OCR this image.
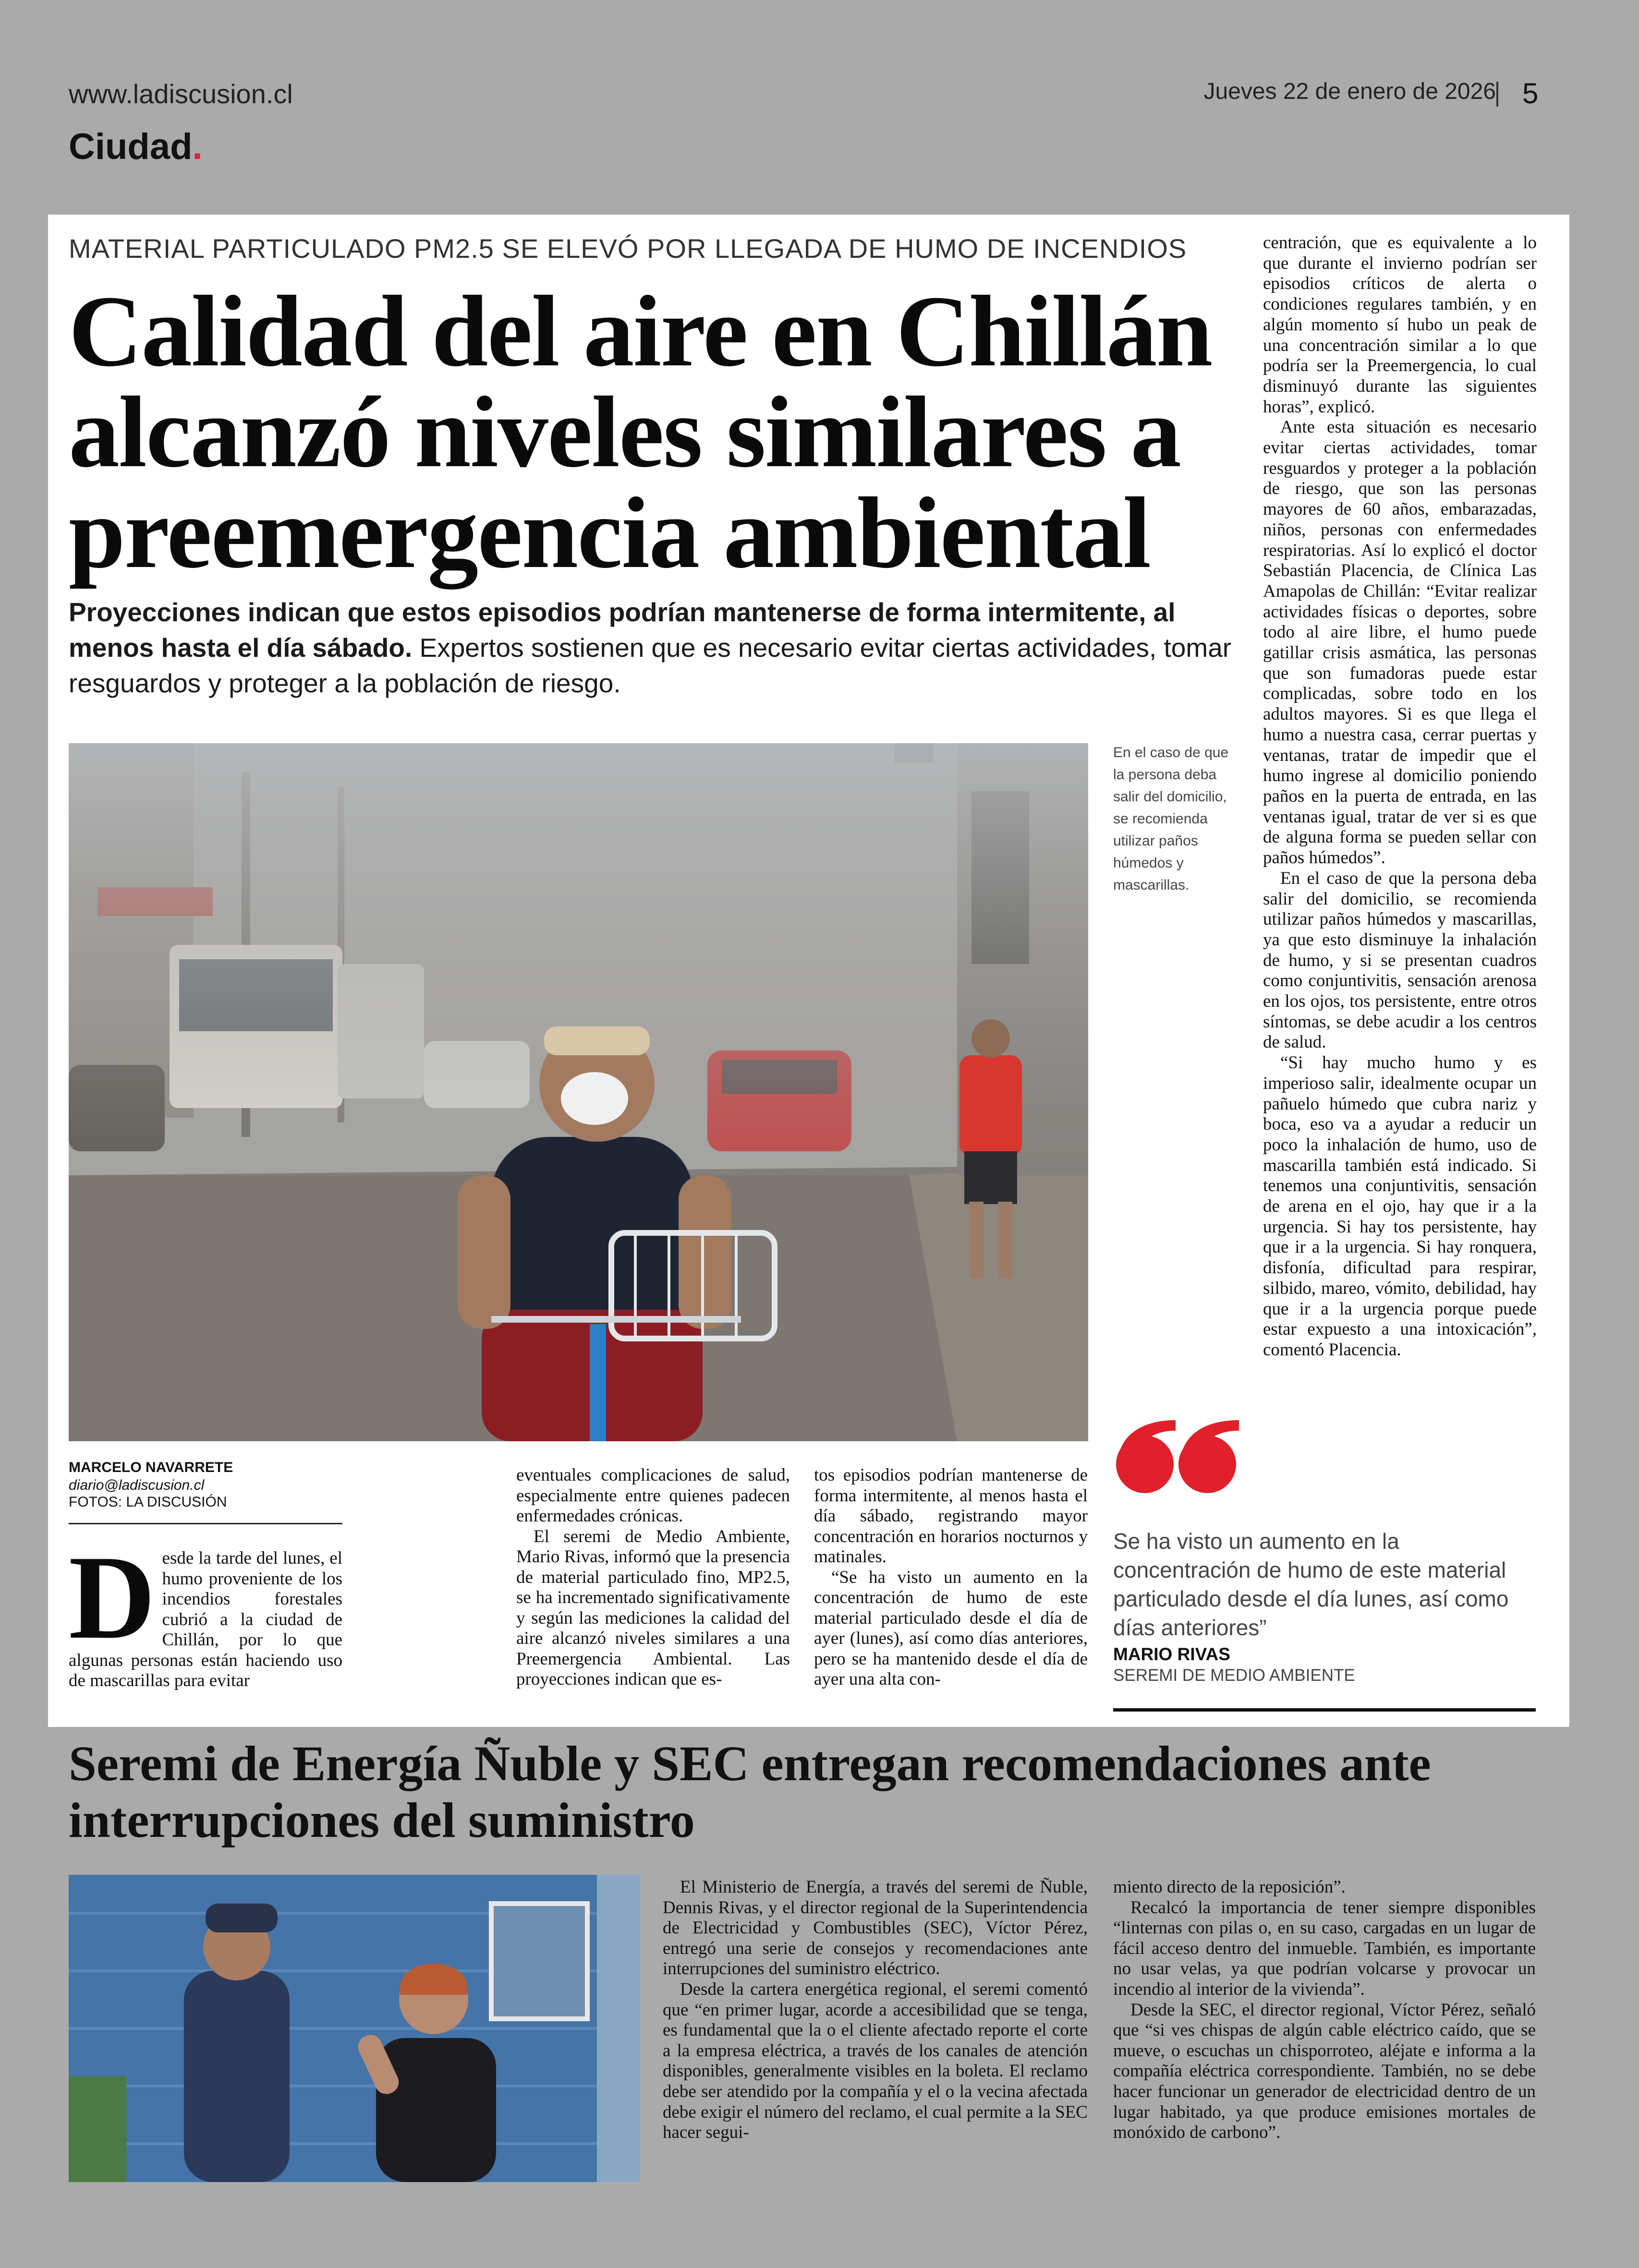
www.ladiscusion.cl	Jueves 22 de enero de 2026 5
Ciudad.
MATERIAL PARTICULADO PM2.5 SE ELEVÓ POR LLEGADA DE HUMO DE INCENDIOS
Calidad del aire en Chillán alcanzó niveles similares a preemergencia ambiental
Proyecciones indican que estos episodios podrían mantenerse de forma intermitente, al menos hasta el día sábado. Expertos sostienen que es necesario evitar ciertas actividades, tomar resguardos y proteger a la población de riesgo.
En el caso de que la persona deba salir del domicilio, se recomienda utilizar paños húmedos y mascarillas.

centración, que es equivalente a lo que durante el invierno podrían ser episodios críticos de alerta o condiciones regulares también, y en algún momento sí hubo un peak de una concentración similar a lo que podría ser la Preemergencia, lo cual disminuyó durante las siguientes horas”, explicó.

Ante esta situación es necesario evitar ciertas actividades, tomar resguardos y proteger a la población de riesgo, que son las personas mayores de 60 años, embarazadas, niños, personas con enfermedades respiratorias. Así lo explicó el doctor Sebastián Placencia, de Clínica Las Amapolas de Chillán: “Evitar realizar actividades físicas o deportes, sobre todo al aire libre, el humo puede gatillar crisis asmática, las personas que son fumadoras puede estar complicadas, sobre todo en los adultos mayores. Si es que llega el humo a nuestra casa, cerrar puertas y ventanas, tratar de impedir que el humo ingrese al domicilio poniendo paños en la puerta de entrada, en las ventanas igual, tratar de ver si es que de alguna forma se pueden sellar con paños húmedos”.

En el caso de que la persona deba salir del domicilio, se recomienda utilizar paños húmedos y mascarillas, ya que esto disminuye la inhalación de humo, y si se presentan cuadros como conjuntivitis, sensación arenosa en los ojos, tos persistente, entre otros síntomas, se debe acudir a los centros de salud.

“Si hay mucho humo y es imperioso salir, idealmente ocupar un pañuelo húmedo que cubra nariz y boca, eso va a ayudar a reducir un poco la inhalación de humo, uso de mascarilla también está indicado. Si tenemos una conjuntivitis, sensación de arena en el ojo, hay que ir a la urgencia. Si hay tos persistente, hay que ir a la urgencia. Si hay ronquera, disfonía, dificultad para respirar, silbido, mareo, vómito, debilidad, hay que ir a la urgencia porque puede estar expuesto a una intoxicación”, comentó Placencia.

Se ha visto un aumento en la concentración de humo de este material particulado desde el día lunes, así como días anteriores”
MARIO RIVAS
SEREMI DE MEDIO AMBIENTE
MARCELO NAVARRETE
diario@ladiscusion.cl
FOTOS: LA DISCUSIÓN
D esde la tarde del lunes, el humo proveniente de los incendios forestales cubrió a la ciudad de Chillán, por lo que algunas personas están haciendo uso de mascarillas para evitar

eventuales complicaciones de salud, especialmente entre quienes padecen enfermedades crónicas.

El seremi de Medio Ambiente, Mario Rivas, informó que la presencia de material particulado fino, MP2.5, se ha incrementado significativamente y según las mediciones la calidad del aire alcanzó niveles similares a una Preemergencia Ambiental. Las proyecciones indican que es-

tos episodios podrían mantenerse de forma intermitente, al menos hasta el día sábado, registrando mayor concentración en horarios nocturnos y matinales.

“Se ha visto un aumento en la concentración de humo de este material particulado desde el día de ayer (lunes), así como días anteriores, pero se ha mantenido desde el día de ayer una alta con-

Seremi de Energía Ñuble y SEC entregan recomendaciones ante interrupciones del suministro

El Ministerio de Energía, a través del seremi de Ñuble, Dennis Rivas, y el director regional de la Superintendencia de Electricidad y Combustibles (SEC), Víctor Pérez, entregó una serie de consejos y recomendaciones ante interrupciones del suministro eléctrico.

Desde la cartera energética regional, el seremi comentó que “en primer lugar, acorde a accesibilidad que se tenga, es fundamental que la o el cliente afectado reporte el corte a la empresa eléctrica, a través de los canales de atención disponibles, generalmente visibles en la boleta. El reclamo debe ser atendido por la compañía y el o la vecina afectada debe exigir el número del reclamo, el cual permite a la SEC hacer segui-

miento directo de la reposición”.

Recalcó la importancia de tener siempre disponibles “linternas con pilas o, en su caso, cargadas en un lugar de fácil acceso dentro del inmueble. También, es importante no usar velas, ya que podrían volcarse y provocar un incendio al interior de la vivienda”.

Desde la SEC, el director regional, Víctor Pérez, señaló que “si ves chispas de algún cable eléctrico caído, que se mueve, o escuchas un chisporroteo, aléjate e informa a la compañía eléctrica correspondiente. También, no se debe hacer funcionar un generador de electricidad dentro de un lugar habitado, ya que produce emisiones mortales de monóxido de carbono”.
